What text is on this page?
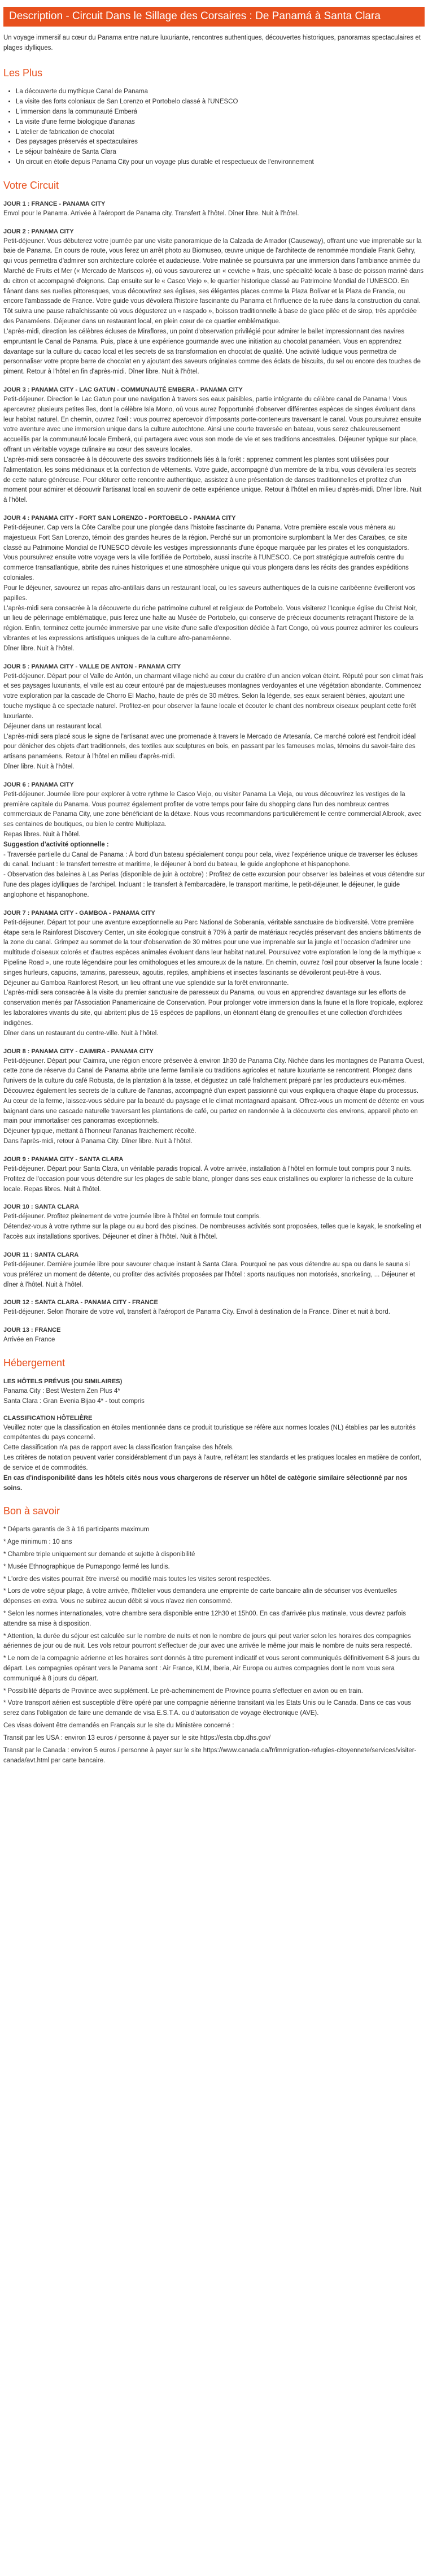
Description - Circuit Dans le Sillage des Corsaires : De Panamá à Santa Clara

Un voyage immersif au cœur du Panama entre nature luxuriante, rencontres authentiques, découvertes historiques, panoramas spectaculaires et plages idylliques.

Les Plus
• La découverte du mythique Canal de Panama
• La visite des forts coloniaux de San Lorenzo et Portobelo classé à l'UNESCO
• L'immersion dans la communauté Emberá
• La visite d'une ferme biologique d'ananas
• L'atelier de fabrication de chocolat
• Des paysages préservés et spectaculaires
• Le séjour balnéaire de Santa Clara
• Un circuit en étoile depuis Panama City pour un voyage plus durable et respectueux de l'environnement
Votre Circuit

JOUR 1 : FRANCE - PANAMA CITY

Envol pour le Panama. Arrivée à l'aéroport de Panama city. Transfert à l'hôtel. Dîner libre. Nuit à l'hôtel.

JOUR 2 : PANAMA CITY

Petit-déjeuner. Vous débuterez votre journée par une visite panoramique de la Calzada de Amador (Causeway), offrant une vue imprenable sur la baie de Panama. En cours de route, vous ferez un arrêt photo au Biomuseo, œuvre unique de l'architecte de renommée mondiale Frank Gehry, qui vous permettra d'admirer son architecture colorée et audacieuse. Votre matinée se poursuivra par une immersion dans l'ambiance animée du Marché de Fruits et Mer (« Mercado de Mariscos »), où vous savourerez un « ceviche » frais, une spécialité locale à base de poisson mariné dans du citron et accompagné d'oignons. Cap ensuite sur le « Casco Viejo », le quartier historique classé au Patrimoine Mondial de l'UNESCO. En flânant dans ses ruelles pittoresques, vous découvrirez ses églises, ses élégantes places comme la Plaza Bolívar et la Plaza de Francia, ou encore l'ambassade de France. Votre guide vous dévoilera l'histoire fascinante du Panama et l'influence de la ruée dans la construction du canal. Tôt suivra une pause rafraîchissante où vous dégusterez un « raspado », boisson traditionnelle à base de glace pilée et de sirop, très appréciée des Panaméens. Déjeuner dans un restaurant local, en plein cœur de ce quartier emblématique.

L'après-midi, direction les célèbres écluses de Miraflores, un point d'observation privilégié pour admirer le ballet impressionnant des navires empruntant le Canal de Panama. Puis, place à une expérience gourmande avec une initiation au chocolat panaméen. Vous en apprendrez davantage sur la culture du cacao local et les secrets de sa transformation en chocolat de qualité. Une activité ludique vous permettra de personnaliser votre propre barre de chocolat en y ajoutant des saveurs originales comme des éclats de biscuits, du sel ou encore des touches de piment. Retour à l'hôtel en fin d'après-midi. Dîner libre. Nuit à l'hôtel.

JOUR 3 : PANAMA CITY - LAC GATUN - COMMUNAUTÉ EMBERA - PANAMA CITY

Petit-déjeuner. Direction le Lac Gatun pour une navigation à travers ses eaux paisibles, partie intégrante du célèbre canal de Panama ! Vous apercevrez plusieurs petites îles, dont la célèbre Isla Mono, où vous aurez l'opportunité d'observer différentes espèces de singes évoluant dans leur habitat naturel. En chemin, ouvrez l'œil : vous pourrez apercevoir d'imposants porte-conteneurs traversant le canal. Vous poursuivrez ensuite votre aventure avec une immersion unique dans la culture autochtone. Ainsi une courte traversée en bateau, vous serez chaleureusement accueillis par la communauté locale Emberá, qui partagera avec vous son mode de vie et ses traditions ancestrales. Déjeuner typique sur place, offrant un véritable voyage culinaire au cœur des saveurs locales.

L'après-midi sera consacrée à la découverte des savoirs traditionnels liés à la forêt : apprenez comment les plantes sont utilisées pour l'alimentation, les soins médicinaux et la confection de vêtements. Votre guide, accompagné d'un membre de la tribu, vous dévoilera les secrets de cette nature généreuse. Pour clôturer cette rencontre authentique, assistez à une présentation de danses traditionnelles et profitez d'un moment pour admirer et découvrir l'artisanat local en souvenir de cette expérience unique. Retour à l'hôtel en milieu d'après-midi. Dîner libre. Nuit à l'hôtel.

JOUR 4 : PANAMA CITY - FORT SAN LORENZO - PORTOBELO - PANAMA CITY

Petit-déjeuner. Cap vers la Côte Caraïbe pour une plongée dans l'histoire fascinante du Panama. Votre première escale vous mènera au majestueux Fort San Lorenzo, témoin des grandes heures de la région. Perché sur un promontoire surplombant la Mer des Caraïbes, ce site classé au Patrimoine Mondial de l'UNESCO dévoile les vestiges impressionnants d'une époque marquée par les pirates et les conquistadors. Vous poursuivrez ensuite votre voyage vers la ville fortifiée de Portobelo, aussi inscrite à l'UNESCO. Ce port stratégique autrefois centre du commerce transatlantique, abrite des ruines historiques et une atmosphère unique qui vous plongera dans les récits des grandes expéditions coloniales.

Pour le déjeuner, savourez un repas afro-antillais dans un restaurant local, ou les saveurs authentiques de la cuisine caribéenne éveilleront vos papilles.

L'après-midi sera consacrée à la découverte du riche patrimoine culturel et religieux de Portobelo. Vous visiterez l'Iconique église du Christ Noir, un lieu de pèlerinage emblématique, puis ferez une halte au Musée de Portobelo, qui conserve de précieux documents retraçant l'histoire de la région. Enfin, terminez cette journée immersive par une visite d'une salle d'exposition dédiée à l'art Congo, où vous pourrez admirer les couleurs vibrantes et les expressions artistiques uniques de la culture afro-panaméenne.

Dîner libre. Nuit à l'hôtel.

JOUR 5 : PANAMA CITY - VALLE DE ANTON - PANAMA CITY

Petit-déjeuner. Départ pour el Valle de Antón, un charmant village niché au cœur du cratère d'un ancien volcan éteint. Réputé pour son climat frais et ses paysages luxuriants, el valle est au cœur entouré par de majestueuses montagnes verdoyantes et une végétation abondante. Commencez votre exploration par la cascade de Chorro El Macho, haute de près de 30 mètres. Selon la légende, ses eaux seraient bénies, ajoutant une touche mystique à ce spectacle naturel. Profitez-en pour observer la faune locale et écouter le chant des nombreux oiseaux peuplant cette forêt luxuriante.

Déjeuner dans un restaurant local.

L'après-midi sera placé sous le signe de l'artisanat avec une promenade à travers le Mercado de Artesanía. Ce marché coloré est l'endroit idéal pour dénicher des objets d'art traditionnels, des textiles aux sculptures en bois, en passant par les fameuses molas, témoins du savoir-faire des artisans panaméens. Retour à l'hôtel en milieu d'après-midi.

Dîner libre. Nuit à l'hôtel.

JOUR 6 : PANAMA CITY

Petit-déjeuner. Journée libre pour explorer à votre rythme le Casco Viejo, ou visiter Panama La Vieja, ou vous découvrirez les vestiges de la première capitale du Panama. Vous pourrez également profiter de votre temps pour faire du shopping dans l'un des nombreux centres commerciaux de Panama City, une zone bénéficiant de la détaxe. Nous vous recommandons particulièrement le centre commercial Albrook, avec ses centaines de boutiques, ou bien le centre Multiplaza.

Repas libres. Nuit à l'hôtel.

Suggestion d'activité optionnelle :

- Traversée partielle du Canal de Panama : À bord d'un bateau spécialement conçu pour cela, vivez l'expérience unique de traverser les écluses du canal. Incluant : le transfert terrestre et maritime, le déjeuner à bord du bateau, le guide anglophone et hispanophone.

- Observation des baleines à Las Perlas (disponible de juin à octobre) : Profitez de cette excursion pour observer les baleines et vous détendre sur l'une des plages idylliques de l'archipel. Incluant : le transfert à l'embarcadère, le transport maritime, le petit-déjeuner, le déjeuner, le guide anglophone et hispanophone.

JOUR 7 : PANAMA CITY - GAMBOA - PANAMA CITY

Petit-déjeuner. Départ tot pour une aventure exceptionnelle au Parc National de Soberanía, véritable sanctuaire de biodiversité. Votre première étape sera le Rainforest Discovery Center, un site écologique construit à 70% à partir de matériaux recyclés préservant des anciens bâtiments de la zone du canal. Grimpez au sommet de la tour d'observation de 30 mètres pour une vue imprenable sur la jungle et l'occasion d'admirer une multitude d'oiseaux colorés et d'autres espèces animales évoluant dans leur habitat naturel. Poursuivez votre exploration le long de la mythique « Pipeline Road », une route légendaire pour les ornithologues et les amoureux de la nature. En chemin, ouvrez l'œil pour observer la faune locale : singes hurleurs, capucins, tamarins, paresseux, agoutis, reptiles, amphibiens et insectes fascinants se dévoileront peut-être à vous.

Déjeuner au Gamboa Rainforest Resort, un lieu offrant une vue splendide sur la forêt environnante.

L'après-midi sera consacrée à la visite du premier sanctuaire de paresseux du Panama, ou vous en apprendrez davantage sur les efforts de conservation menés par l'Association Panamericaine de Conservation. Pour prolonger votre immersion dans la faune et la flore tropicale, explorez les laboratoires vivants du site, qui abritent plus de 15 espèces de papillons, un étonnant étang de grenouilles et une collection d'orchidées indigènes.

Dîner dans un restaurant du centre-ville. Nuit à l'hôtel.

JOUR 8 : PANAMA CITY - CAIMIRA - PANAMA CITY

Petit-déjeuner. Départ pour Caimira, une région encore préservée à environ 1h30 de Panama City. Nichée dans les montagnes de Panama Ouest, cette zone de réserve du Canal de Panama abrite une ferme familiale ou traditions agricoles et nature luxuriante se rencontrent. Plongez dans l'univers de la culture du café Robusta, de la plantation à la tasse, et dégustez un café fraîchement préparé par les producteurs eux-mêmes. Découvrez également les secrets de la culture de l'ananas, accompagné d'un expert passionné qui vous expliquera chaque étape du processus. Au cœur de la ferme, laissez-vous séduire par la beauté du paysage et le climat montagnard apaisant. Offrez-vous un moment de détente en vous baignant dans une cascade naturelle traversant les plantations de café, ou partez en randonnée à la découverte des environs, appareil photo en main pour immortaliser ces panoramas exceptionnels.

Déjeuner typique, mettant à l'honneur l'ananas fraichement récolté.

Dans l'après-midi, retour à Panama City. Dîner libre. Nuit à l'hôtel.

JOUR 9 : PANAMA CITY - SANTA CLARA

Petit-déjeuner. Départ pour Santa Clara, un véritable paradis tropical. À votre arrivée, installation à l'hôtel en formule tout compris pour 3 nuits. Profitez de l'occasion pour vous détendre sur les plages de sable blanc, plonger dans ses eaux cristallines ou explorer la richesse de la culture locale. Repas libres. Nuit à l'hôtel.

JOUR 10 : SANTA CLARA

Petit-déjeuner. Profitez pleinement de votre journée libre à l'hôtel en formule tout compris.

Détendez-vous à votre rythme sur la plage ou au bord des piscines. De nombreuses activités sont proposées, telles que le kayak, le snorkeling et l'accès aux installations sportives. Déjeuner et dîner à l'hôtel. Nuit à l'hôtel.

JOUR 11 : SANTA CLARA

Petit-déjeuner. Dernière journée libre pour savourer chaque instant à Santa Clara. Pourquoi ne pas vous détendre au spa ou dans le sauna si vous préférez un moment de détente, ou profiter des activités proposées par l'hôtel : sports nautiques non motorisés, snorkeling, ... Déjeuner et dîner à l'hôtel. Nuit à l'hôtel.

JOUR 12 : SANTA CLARA - PANAMA CITY - FRANCE

Petit-déjeuner. Selon l'horaire de votre vol, transfert à l'aéroport de Panama City. Envol à destination de la France. Dîner et nuit à bord.

JOUR 13 : FRANCE

Arrivée en France

Hébergement

LES HÔTELS PRÉVUS (OU SIMILAIRES)

Panama City : Best Western Zen Plus 4*

Santa Clara : Gran Evenia Bijao 4* - tout compris

CLASSIFICATION HÔTELIÈRE

Veuillez noter que la classification en étoiles mentionnée dans ce produit touristique se réfère aux normes locales (NL) établies par les autorités compétentes du pays concerné.

Cette classification n'a pas de rapport avec la classification française des hôtels.

Les critères de notation peuvent varier considérablement d'un pays à l'autre, reflétant les standards et les pratiques locales en matière de confort, de service et de commodités.

En cas d'indisponibilité dans les hôtels cités nous vous chargerons de réserver un hôtel de catégorie similaire sélectionné par nos soins.

Bon à savoir

* Départs garantis de 3 à 16 participants maximum

* Age minimum : 10 ans

* Chambre triple uniquement sur demande et sujette à disponibilité

* Musée Ethnographique de Pumapongo fermé les lundis.

* L'ordre des visites pourrait être inversé ou modifié mais toutes les visites seront respectées.

* Lors de votre séjour plage, à votre arrivée, l'hôtelier vous demandera une empreinte de carte bancaire afin de sécuriser vos éventuelles dépenses en extra. Vous ne subirez aucun débit si vous n'avez rien consommé.

* Selon les normes internationales, votre chambre sera disponible entre 12h30 et 15h00. En cas d'arrivée plus matinale, vous devrez parfois attendre sa mise à disposition.

* Attention, la durée du séjour est calculée sur le nombre de nuits et non le nombre de jours qui peut varier selon les horaires des compagnies aériennes de jour ou de nuit. Les vols retour pourront s'effectuer de jour avec une arrivée le même jour mais le nombre de nuits sera respecté.

* Le nom de la compagnie aérienne et les horaires sont donnés à titre purement indicatif et vous seront communiqués définitivement 6-8 jours du départ. Les compagnies opérant vers le Panama sont : Air France, KLM, Iberia, Air Europa ou autres compagnies dont le nom vous sera communiqué à 8 jours du départ.

* Possibilité départs de Province avec supplément. Le pré-acheminement de Province pourra s'effectuer en avion ou en train.

* Votre transport aérien est susceptible d'être opéré par une compagnie aérienne transitant via les Etats Unis ou le Canada. Dans ce cas vous serez dans l'obligation de faire une demande de visa E.S.T.A. ou d'autorisation de voyage électronique (AVE).

Ces visas doivent être demandés en Français sur le site du Ministère concerné :

Transit par les USA : environ 13 euros / personne à payer sur le site https://esta.cbp.dhs.gov/

Transit par le Canada : environ 5 euros / personne à payer sur le site https://www.canada.ca/fr/immigration-refugies-citoyennete/services/visiter-canada/avt.html par carte bancaire.
